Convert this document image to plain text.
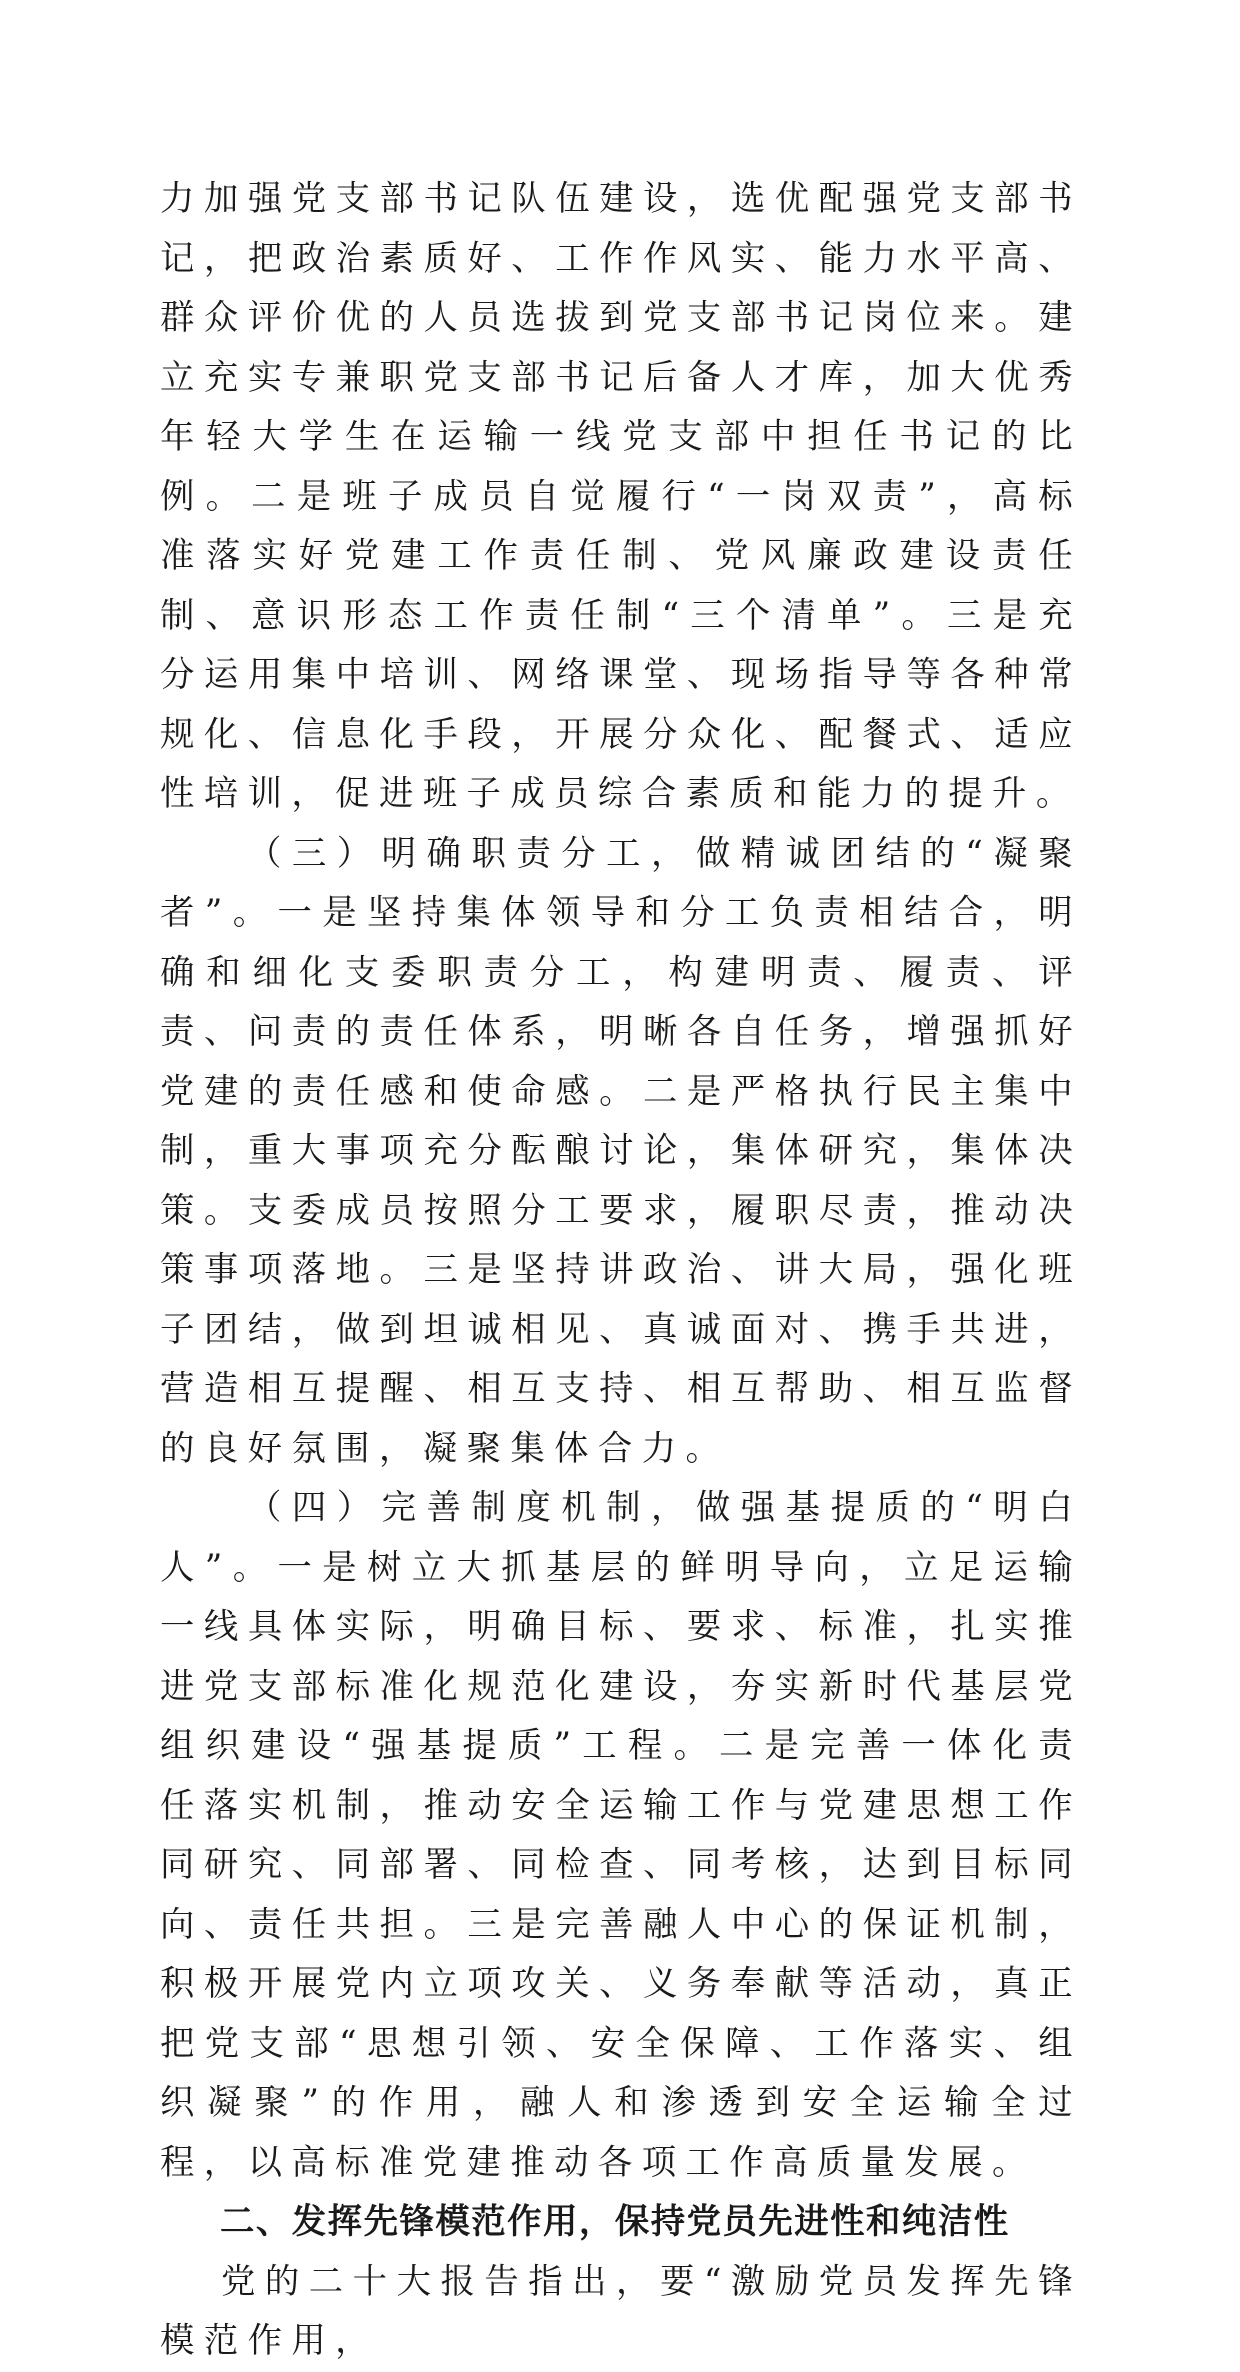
力加强党支部书记队伍建设，选优配强党支部书记，把政治素质好、工作作风实、能力水平高、群众评价优的人员选拔到党支部书记岗位来。建立充实专兼职党支部书记后备人才库，加大优秀年轻大学生在运输一线党支部中担任书记的比例。二是班子成员自觉履行“一岗双责”，高标准落实好党建工作责任制、党风廉政建设责任制、意识形态工作责任制“三个清单”。三是充分运用集中培训、网络课堂、现场指导等各种常规化、信息化手段，开展分众化、配餐式、适应性培训，促进班子成员综合素质和能力的提升。

（三）明确职责分工，做精诚团结的“凝聚者”。一是坚持集体领导和分工负责相结合，明确和细化支委职责分工，构建明责、履责、评责、问责的责任体系，明晰各自任务，增强抓好党建的责任感和使命感。二是严格执行民主集中制，重大事项充分酝酿讨论，集体研究，集体决策。支委成员按照分工要求，履职尽责，推动决策事项落地。三是坚持讲政治、讲大局，强化班子团结，做到坦诚相见、真诚面对、携手共进，营造相互提醒、相互支持、相互帮助、相互监督的良好氛围，凝聚集体合力。

（四）完善制度机制，做强基提质的“明白人”。一是树立大抓基层的鲜明导向，立足运输一线具体实际，明确目标、要求、标准，扎实推进党支部标准化规范化建设，夯实新时代基层党组织建设“强基提质”工程。二是完善一体化责任落实机制，推动安全运输工作与党建思想工作同研究、同部署、同检查、同考核，达到目标同向、责任共担。三是完善融人中心的保证机制，积极开展党内立项攻关、义务奉献等活动，真正把党支部“思想引领、安全保障、工作落实、组织凝聚”的作用，融人和渗透到安全运输全过程，以高标准党建推动各项工作高质量发展。

二、发挥先锋模范作用，保持党员先进性和纯洁性

党的二十大报告指出，要“激励党员发挥先锋模范作用，
